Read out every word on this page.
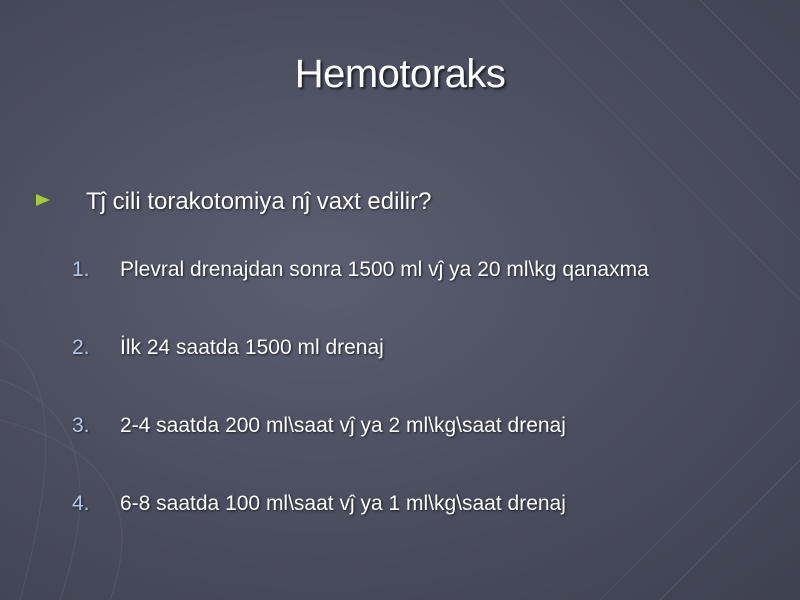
Hemotoraks
Tĵ cili torakotomiya nĵ vaxt edilir?
1.	Plevral drenajdan sonra 1500 ml vĵ ya 20 ml\kg qanaxma
2.	İlk 24 saatda 1500 ml drenaj
3.	2-4 saatda 200 ml\saat vĵ ya 2 ml\kg\saat drenaj
4.	6-8 saatda 100 ml\saat vĵ ya 1 ml\kg\saat drenaj
